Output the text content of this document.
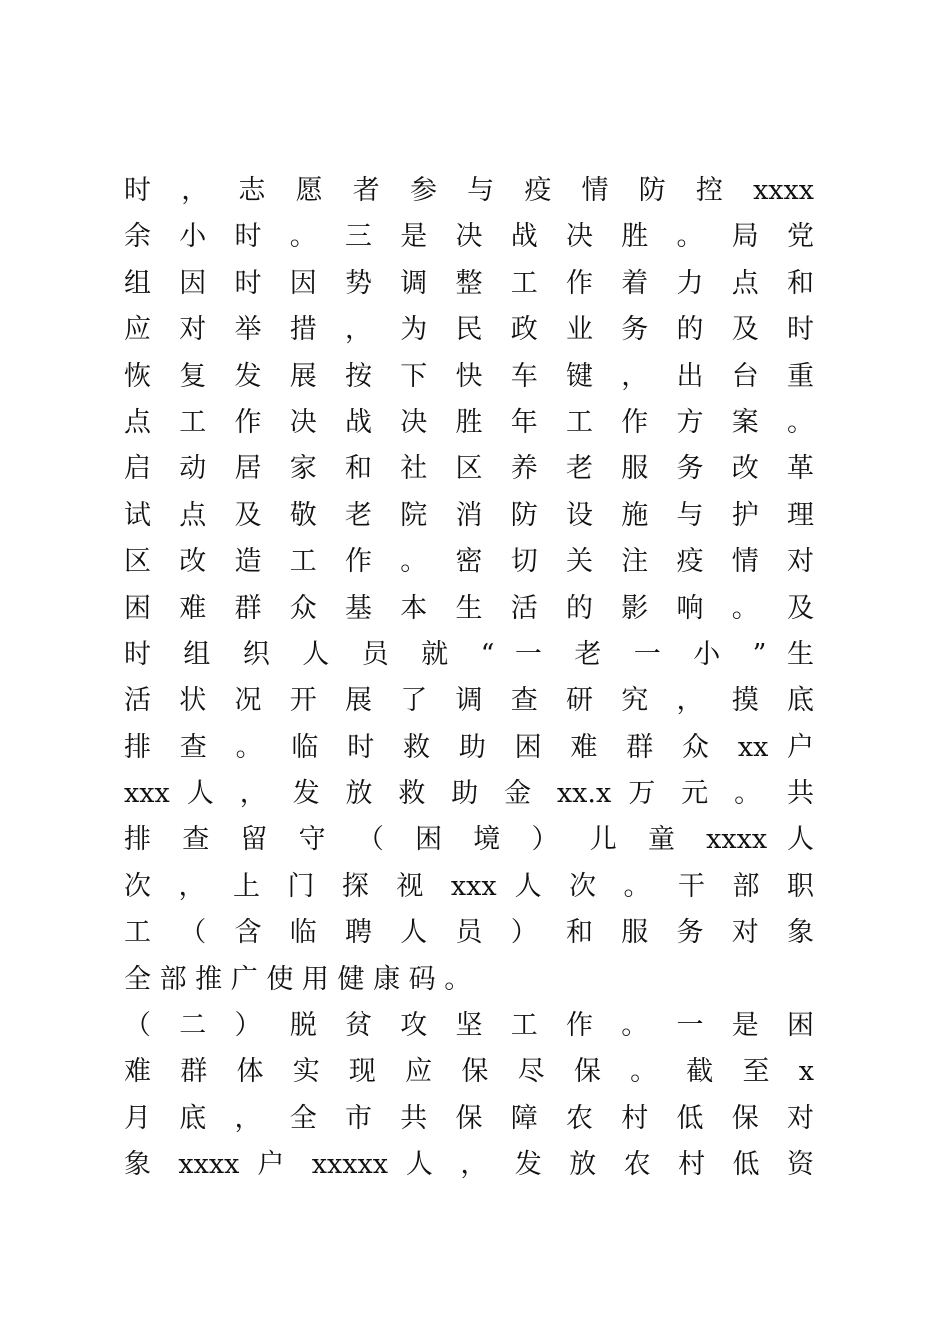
时 ， 志 愿 者 参 与 疫 情 防 控 xxxx
余 小 时 。 三 是 决 战 决 胜 。 局 党
组 因 时 因 势 调 整 工 作 着 力 点 和
应 对 举 措 ， 为 民 政 业 务 的 及 时
恢 复 发 展 按 下 快 车 键 ， 出 台 重
点 工 作 决 战 决 胜 年 工 作 方 案 。
启 动 居 家 和 社 区 养 老 服 务 改 革
试 点 及 敬 老 院 消 防 设 施 与 护 理
区 改 造 工 作 。 密 切 关 注 疫 情 对
困 难 群 众 基 本 生 活 的 影 响 。 及
时 组 织 人 员 就 “ 一 老 一 小 ” 生
活 状 况 开 展 了 调 查 研 究 ， 摸 底
排 查 。 临 时 救 助 困 难 群 众 xx 户
xxx 人 ， 发 放 救 助 金 xx.x 万 元 。 共
排 查 留 守 （ 困 境 ） 儿 童 xxxx 人
次 ， 上 门 探 视 xxx 人 次 。 干 部 职
工 （ 含 临 聘 人 员 ） 和 服 务 对 象
全 部 推 广 使 用 健 康 码 。
（ 二 ） 脱 贫 攻 坚 工 作 。 一 是 困
难 群 体 实 现 应 保 尽 保 。 截 至 x
月 底 ， 全 市 共 保 障 农 村 低 保 对
象 xxxx 户 xxxxx 人 ， 发 放 农 村 低 资
